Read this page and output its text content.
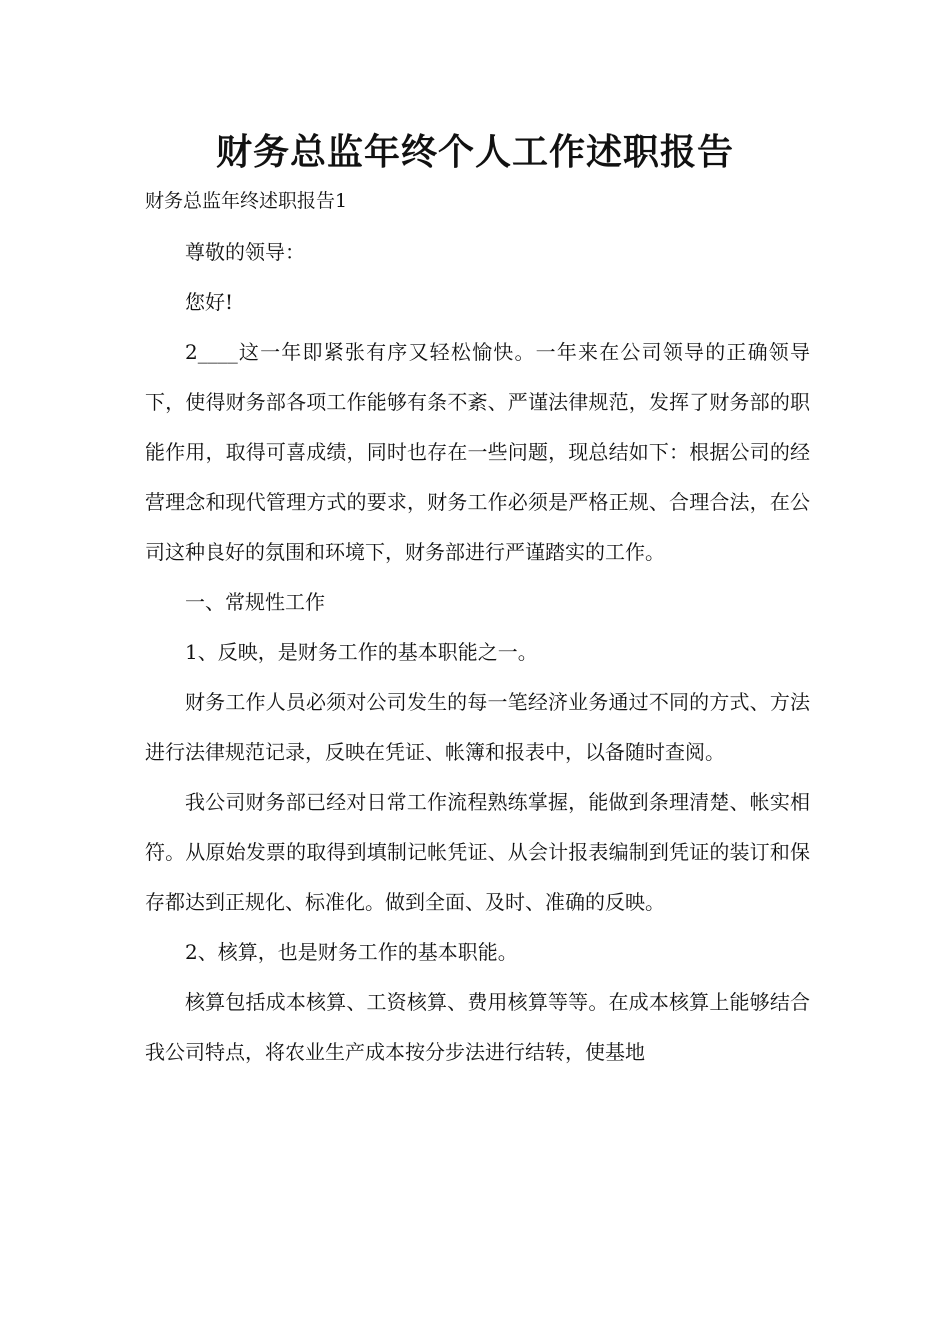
财务总监年终个人工作述职报告
财务总监年终述职报告1

尊敬的领导：

您好!

2____这一年即紧张有序又轻松愉快。一年来在公司领导的正确领导下，使得财务部各项工作能够有条不紊、严谨法律规范，发挥了财务部的职能作用，取得可喜成绩，同时也存在一些问题，现总结如下：根据公司的经营理念和现代管理方式的要求，财务工作必须是严格正规、合理合法，在公司这种良好的氛围和环境下，财务部进行严谨踏实的工作。

一、常规性工作

1、反映，是财务工作的基本职能之一。

财务工作人员必须对公司发生的每一笔经济业务通过不同的方式、方法进行法律规范记录，反映在凭证、帐簿和报表中，以备随时查阅。

我公司财务部已经对日常工作流程熟练掌握，能做到条理清楚、帐实相符。从原始发票的取得到填制记帐凭证、从会计报表编制到凭证的装订和保存都达到正规化、标准化。做到全面、及时、准确的反映。

2、核算，也是财务工作的基本职能。

核算包括成本核算、工资核算、费用核算等等。在成本核算上能够结合我公司特点，将农业生产成本按分步法进行结转，使基地
